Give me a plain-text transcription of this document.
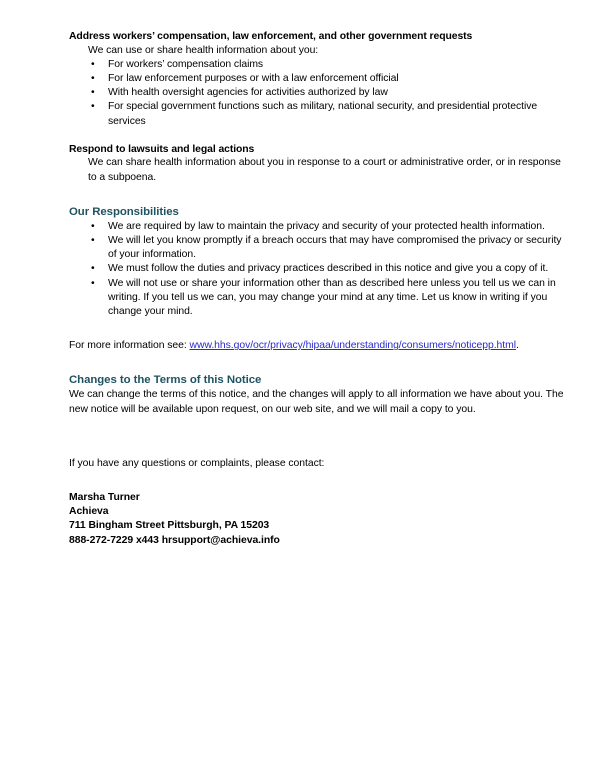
Address workers’ compensation, law enforcement, and other government requests

We can use or share health information about you:

• For workers’ compensation claims
• For law enforcement purposes or with a law enforcement official
• With health oversight agencies for activities authorized by law
• For special government functions such as military, national security, and presidential protective services

Respond to lawsuits and legal actions

We can share health information about you in response to a court or administrative order, or in response to a subpoena.

Our Responsibilities

• We are required by law to maintain the privacy and security of your protected health information.
• We will let you know promptly if a breach occurs that may have compromised the privacy or security of your information.
• We must follow the duties and privacy practices described in this notice and give you a copy of it.
• We will not use or share your information other than as described here unless you tell us we can in writing. If you tell us we can, you may change your mind at any time. Let us know in writing if you change your mind.

For more information see: www.hhs.gov/ocr/privacy/hipaa/understanding/consumers/noticepp.html.

Changes to the Terms of this Notice

We can change the terms of this notice, and the changes will apply to all information we have about you. The new notice will be available upon request, on our web site, and we will mail a copy to you.

If you have any questions or complaints, please contact:

Marsha Turner

Achieva

711 Bingham Street Pittsburgh, PA 15203

888-272-7229 x443 hrsupport@achieva.info
